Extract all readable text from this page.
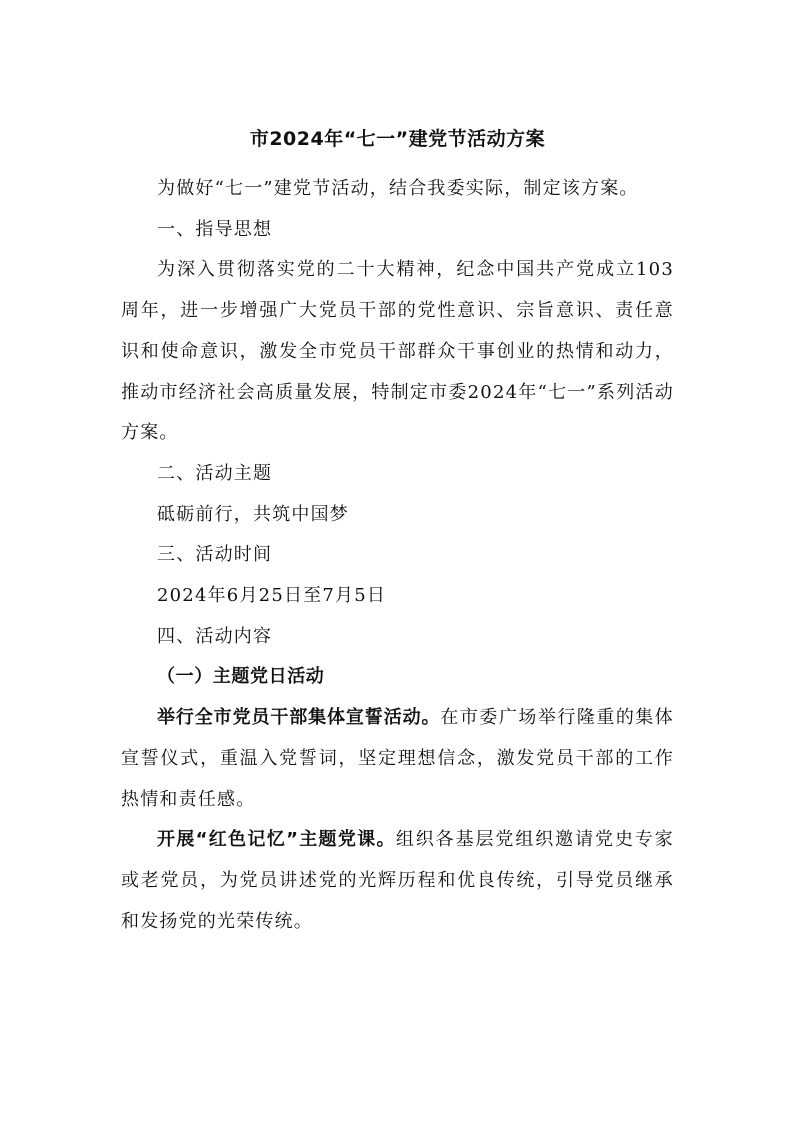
市2024年“七一”建党节活动方案

为做好“七一”建党节活动，结合我委实际，制定该方案。

一、指导思想

为深入贯彻落实党的二十大精神，纪念中国共产党成立103周年，进一步增强广大党员干部的党性意识、宗旨意识、责任意识和使命意识，激发全市党员干部群众干事创业的热情和动力，推动市经济社会高质量发展，特制定市委2024年“七一”系列活动方案。

二、活动主题

砥砺前行，共筑中国梦

三、活动时间

2024年6月25日至7月5日

四、活动内容

（一）主题党日活动

举行全市党员干部集体宣誓活动。在市委广场举行隆重的集体宣誓仪式，重温入党誓词，坚定理想信念，激发党员干部的工作热情和责任感。

开展“红色记忆”主题党课。组织各基层党组织邀请党史专家或老党员，为党员讲述党的光辉历程和优良传统，引导党员继承和发扬党的光荣传统。
